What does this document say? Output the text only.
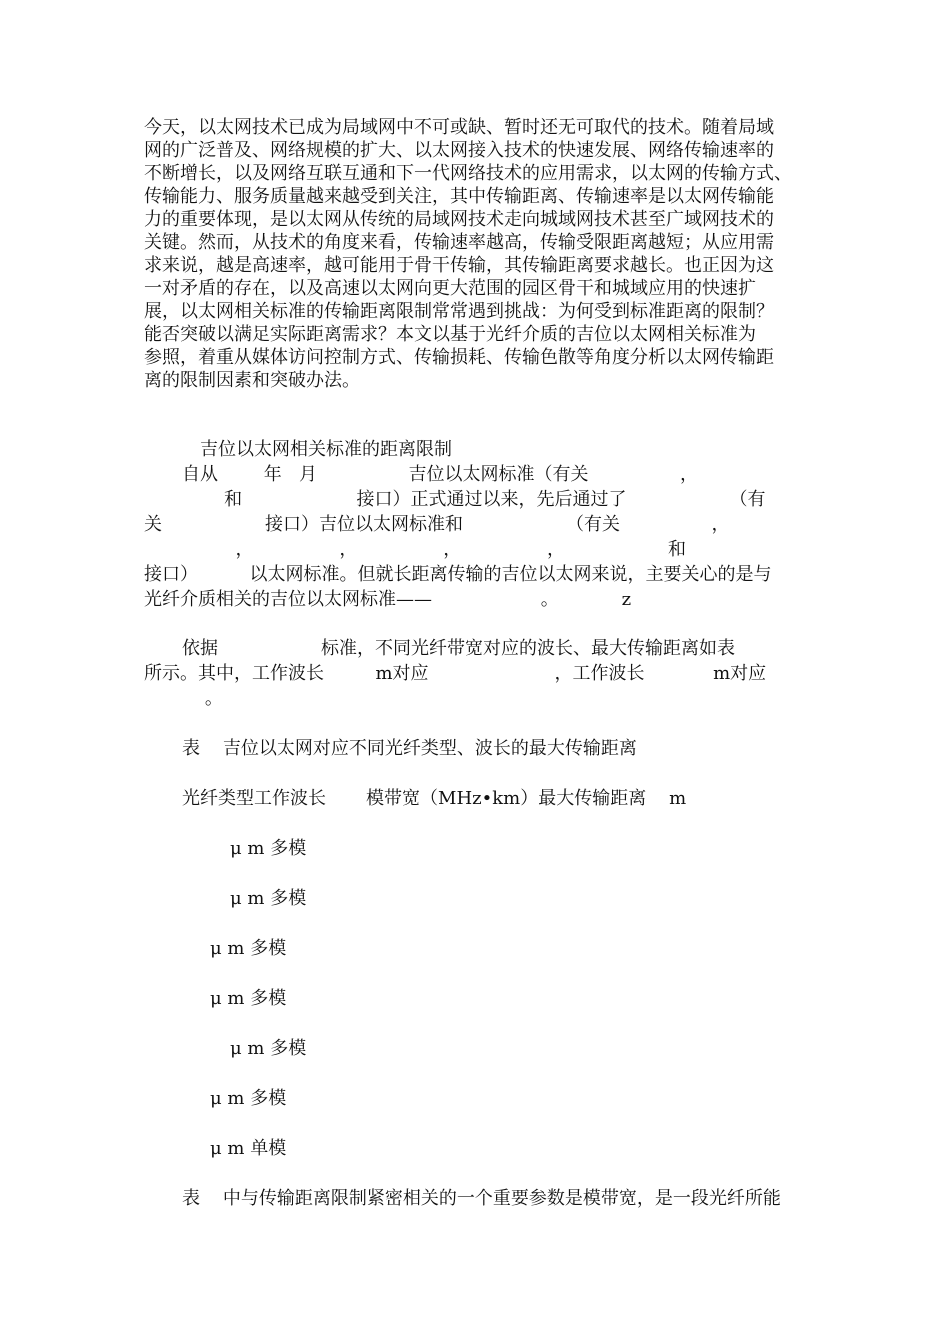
今天，以太网技术已成为局域网中不可或缺、暂时还无可取代的技术。随着局域
网的广泛普及、网络规模的扩大、以太网接入技术的快速发展、网络传输速率的
不断增长，以及网络互联互通和下一代网络技术的应用需求，以太网的传输方式、
传输能力、服务质量越来越受到关注，其中传输距离、传输速率是以太网传输能
力的重要体现，是以太网从传统的局域网技术走向城域网技术甚至广域网技术的
关键。然而，从技术的角度来看，传输速率越高，传输受限距离越短；从应用需
求来说，越是高速率，越可能用于骨干传输，其传输距离要求越长。也正因为这
一对矛盾的存在，以及高速以太网向更大范围的园区骨干和城域应用的快速扩
展，以太网相关标准的传输距离限制常常遇到挑战：为何受到标准距离的限制？
能否突破以满足实际距离需求？本文以基于光纤介质的吉位以太网相关标准为
参照，着重从媒体访问控制方式、传输损耗、传输色散等角度分析以太网传输距
离的限制因素和突破办法。
吉位以太网相关标准的距离限制
自从        年   月                吉位以太网标准（有关                ，
和                    接口）正式通过以来，先后通过了                  （有
关                  接口）吉位以太网标准和                  （有关                ，
，               ，               ，               ，                  和
接口）         以太网标准。但就长距离传输的吉位以太网来说，主要关心的是与
光纤介质相关的吉位以太网标准——                   。           z
依据                  标准，不同光纤带宽对应的波长、最大传输距离如表
所示。其中，工作波长         m对应                      ，工作波长            m对应
。
表    吉位以太网对应不同光纤类型、波长的最大传输距离
光纤类型工作波长       模带宽（MHz•km）最大传输距离    m
μ m 多模
μ m 多模
μ m 多模
μ m 多模
μ m 多模
μ m 多模
μ m 单模
表    中与传输距离限制紧密相关的一个重要参数是模带宽，是一段光纤所能
